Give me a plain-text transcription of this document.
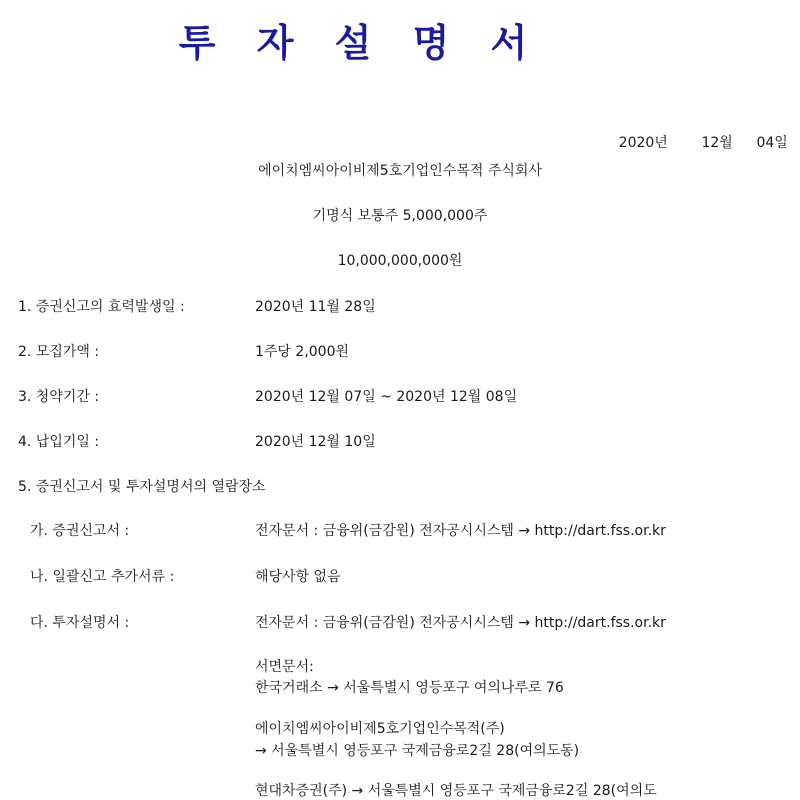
투 자 설 명 서

2020년 12월 04일

에이치엠씨아이비제5호기업인수목적 주식회사
기명식 보통주 5,000,000주
10,000,000,000원
1. 증권신고의 효력발생일 :	2020년 11월 28일
2. 모집가액 :	1주당 2,000원
3. 청약기간 :	2020년 12월 07일 ~ 2020년 12월 08일
4. 납입기일 :	2020년 12월 10일
5. 증권신고서 및 투자설명서의 열람장소
가. 증권신고서 :	전자문서 : 금융위(금감원) 전자공시시스템 → http://dart.fss.or.kr
나. 일괄신고 추가서류 :	해당사항 없음
다. 투자설명서 :	전자문서 : 금융위(금감원) 전자공시시스템 → http://dart.fss.or.kr
서면문서:
한국거래소 → 서울특별시 영등포구 여의나루로 76
에이치엠씨아이비제5호기업인수목적(주)
→ 서울특별시 영등포구 국제금융로2길 28(여의도동)
현대차증권(주) → 서울특별시 영등포구 국제금융로2길 28(여의도
